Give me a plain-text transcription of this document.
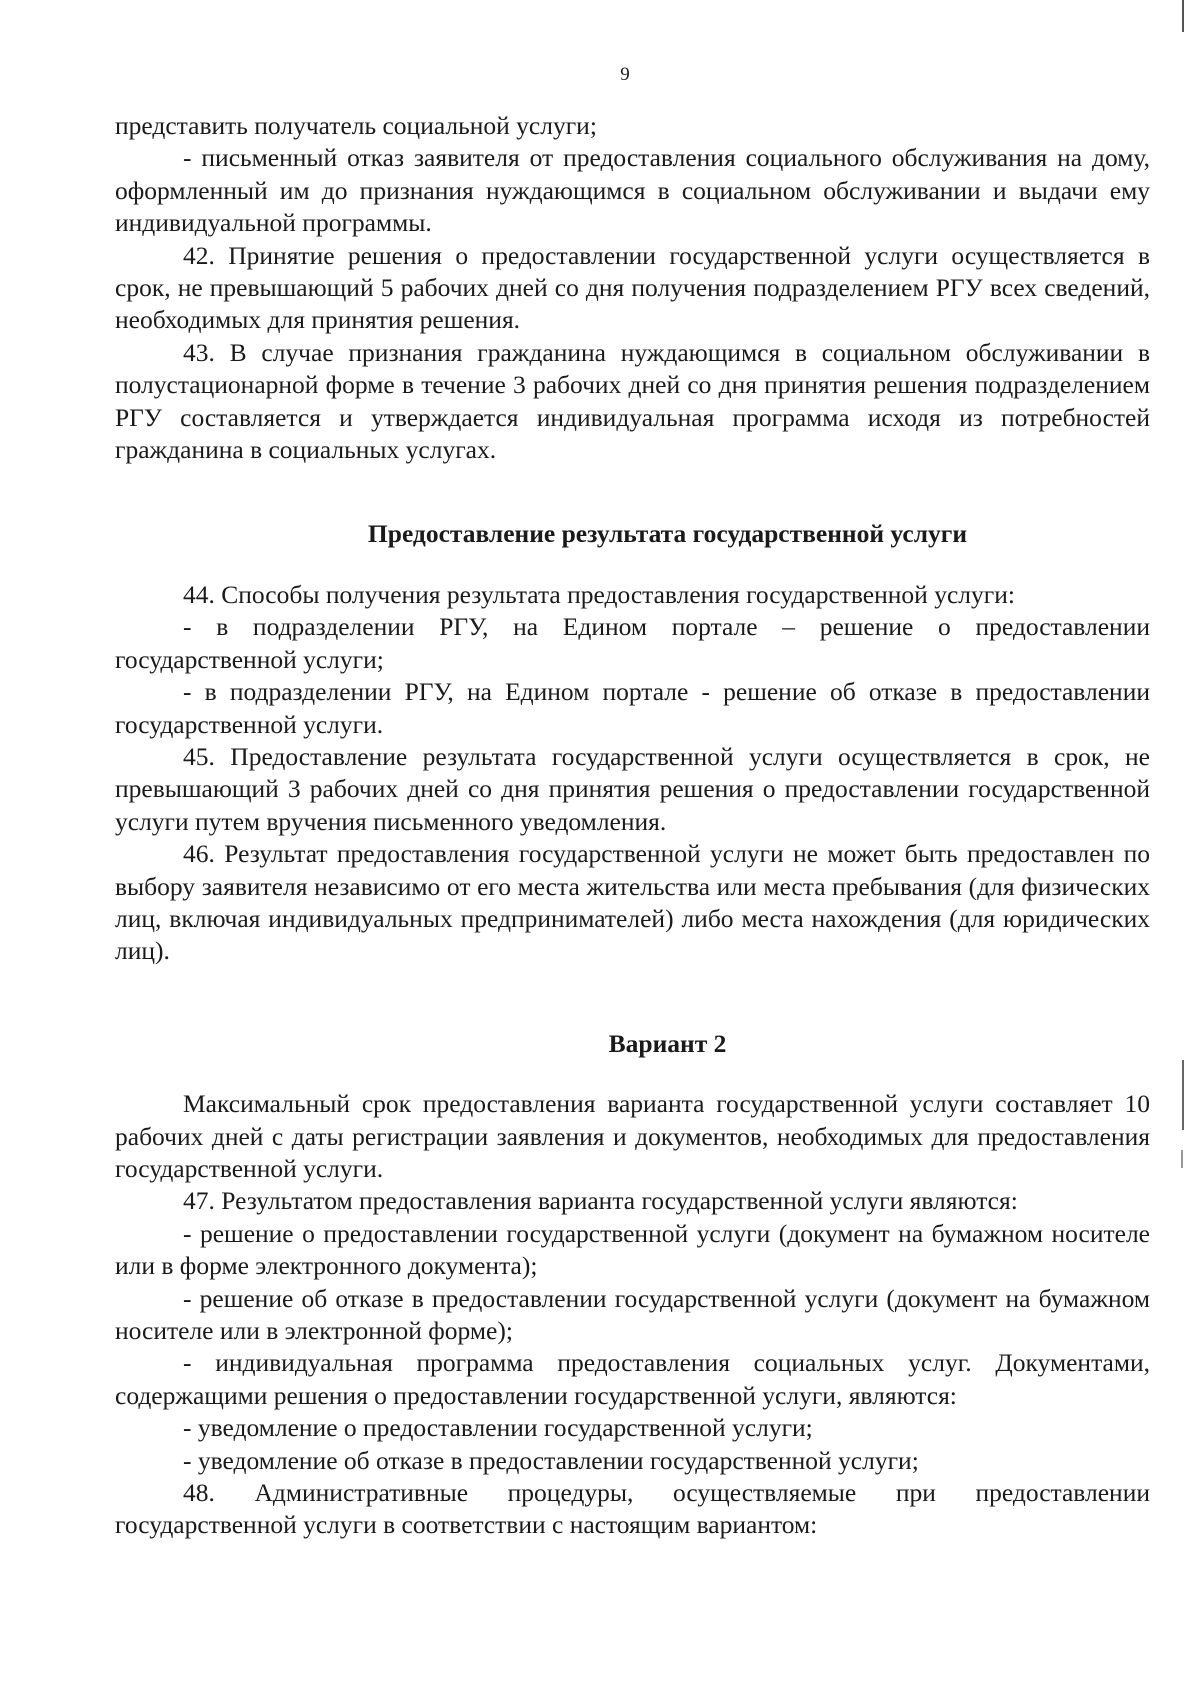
9

представить получатель социальной услуги;

- письменный отказ заявителя от предоставления социального обслуживания на дому, оформленный им до признания нуждающимся в социальном обслуживании и выдачи ему индивидуальной программы.

42. Принятие решения о предоставлении государственной услуги осуществляется в срок, не превышающий 5 рабочих дней со дня получения подразделением РГУ всех сведений, необходимых для принятия решения.

43. В случае признания гражданина нуждающимся в социальном обслуживании в полустационарной форме в течение 3 рабочих дней со дня принятия решения подразделением РГУ составляется и утверждается индивидуальная программа исходя из потребностей гражданина в социальных услугах.

Предоставление результата государственной услуги

44. Способы получения результата предоставления государственной услуги:

- в подразделении РГУ, на Едином портале – решение о предоставлении государственной услуги;

- в подразделении РГУ, на Едином портале - решение об отказе в предоставлении государственной услуги.

45. Предоставление результата государственной услуги осуществляется в срок, не превышающий 3 рабочих дней со дня принятия решения о предоставлении государственной услуги путем вручения письменного уведомления.

46. Результат предоставления государственной услуги не может быть предоставлен по выбору заявителя независимо от его места жительства или места пребывания (для физических лиц, включая индивидуальных предпринимателей) либо места нахождения (для юридических лиц).

Вариант 2

Максимальный срок предоставления варианта государственной услуги составляет 10 рабочих дней с даты регистрации заявления и документов, необходимых для предоставления государственной услуги.

47. Результатом предоставления варианта государственной услуги являются:

- решение о предоставлении государственной услуги (документ на бумажном носителе или в форме электронного документа);

- решение об отказе в предоставлении государственной услуги (документ на бумажном носителе или в электронной форме);

- индивидуальная программа предоставления социальных услуг. Документами, содержащими решения о предоставлении государственной услуги, являются:

- уведомление о предоставлении государственной услуги;

- уведомление об отказе в предоставлении государственной услуги;

48. Административные процедуры, осуществляемые при предоставлении государственной услуги в соответствии с настоящим вариантом:
